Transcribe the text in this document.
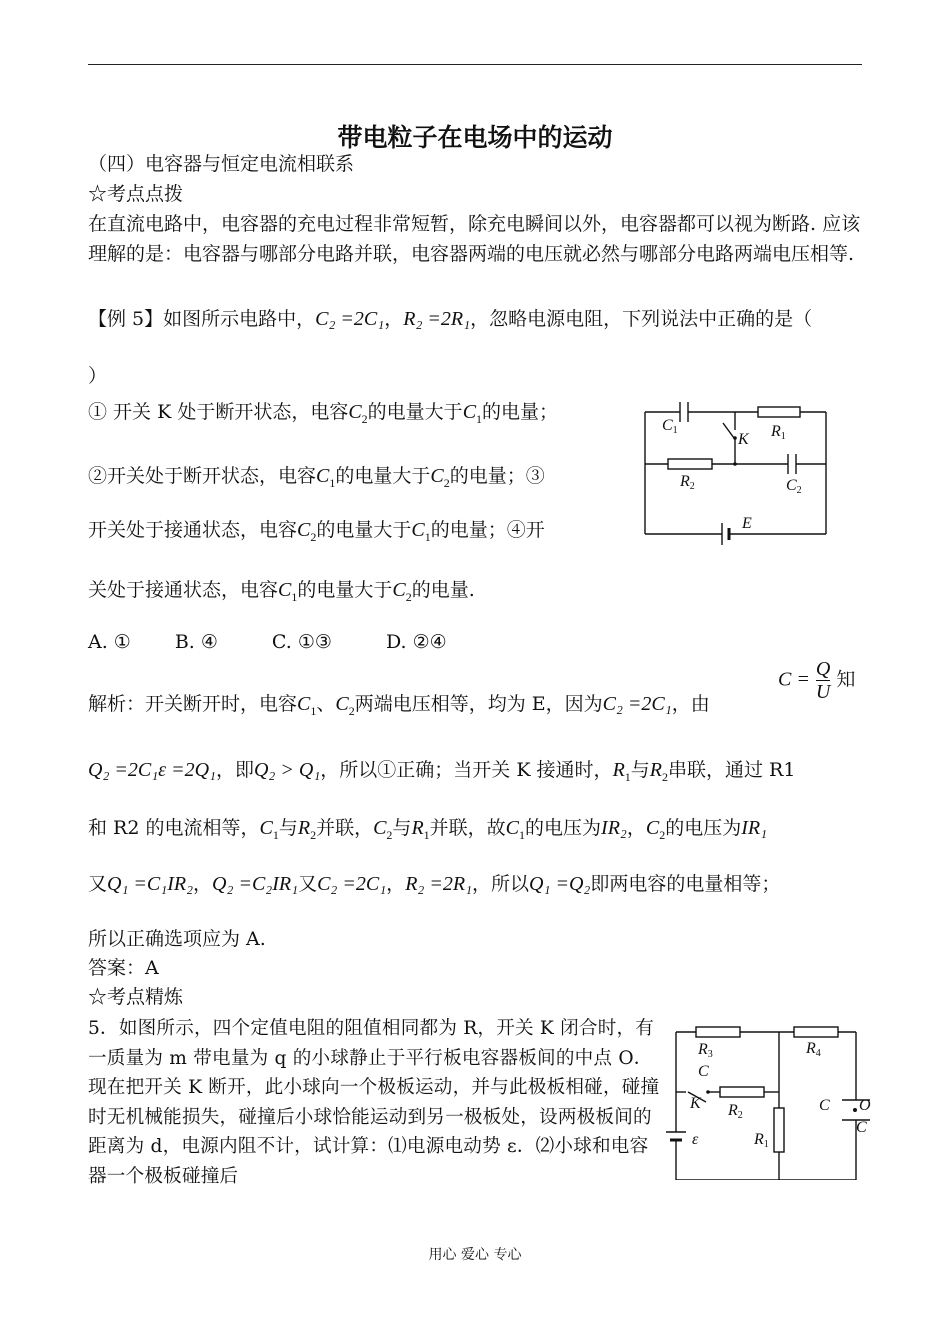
带电粒子在电场中的运动
（四）电容器与恒定电流相联系
☆考点点拨
在直流电路中，电容器的充电过程非常短暂，除充电瞬间以外，电容器都可以视为断路. 应该理解的是：电容器与哪部分电路并联，电容器两端的电压就必然与哪部分电路两端电压相等.
【例 5】如图所示电路中，C₂ =2C₁，R₂ =2R₁，忽略电源电阻，下列说法中正确的是（
）
① 开关 K 处于断开状态，电容$C_2$的电量大于$C_1$的电量；
②开关处于断开状态，电容$C_1$的电量大于$C_2$的电量；③
开关处于接通状态，电容$C_2$的电量大于$C_1$的电量；④开
关处于接通状态，电容$C_1$的电量大于$C_2$的电量.
A. ① B. ④	C. ①③	D. ②④
C1	R1
K
R2	C2
E
解析：开关断开时，电容$C_1$、$C_2$两端电压相等，均为 E，因为C₂ =2C₁，由
$C = \frac{Q}{U}$ 知
Q₂ =2C₁ε =2Q₁，即Q₂ > Q₁，所以①正确；当开关 K 接通时，$R_1$与$R_2$串联，通过 R1
和 R2 的电流相等，$C_1$与$R_2$并联，$C_2$与$R_1$并联，故$C_1$的电压为IR₂，$C_2$的电压为IR₁
又Q₁ =C₁IR₂，Q₂ =C₂IR₁又C₂ =2C₁，R₂ =2R₁，所以Q₁ =Q₂即两电容的电量相等；
所以正确选项应为 A.
答案：A
☆考点精炼
5．如图所示，四个定值电阻的阻值相同都为 R，开关 K 闭合时，有一质量为 m 带电量为 q 的小球静止于平行板电容器板间的中点 O．现在把开关 K 断开，此小球向一个极板运动，并与此极板相碰，碰撞时无机械能损失，碰撞后小球恰能运动到另一极板处，设两极板间的距离为 d，电源内阻不计，试计算：⑴电源电动势 ε．⑵小球和电容器一个极板碰撞后
R3	R4
C
K R2
R1
ε
C O
C
用心 爱心 专心
